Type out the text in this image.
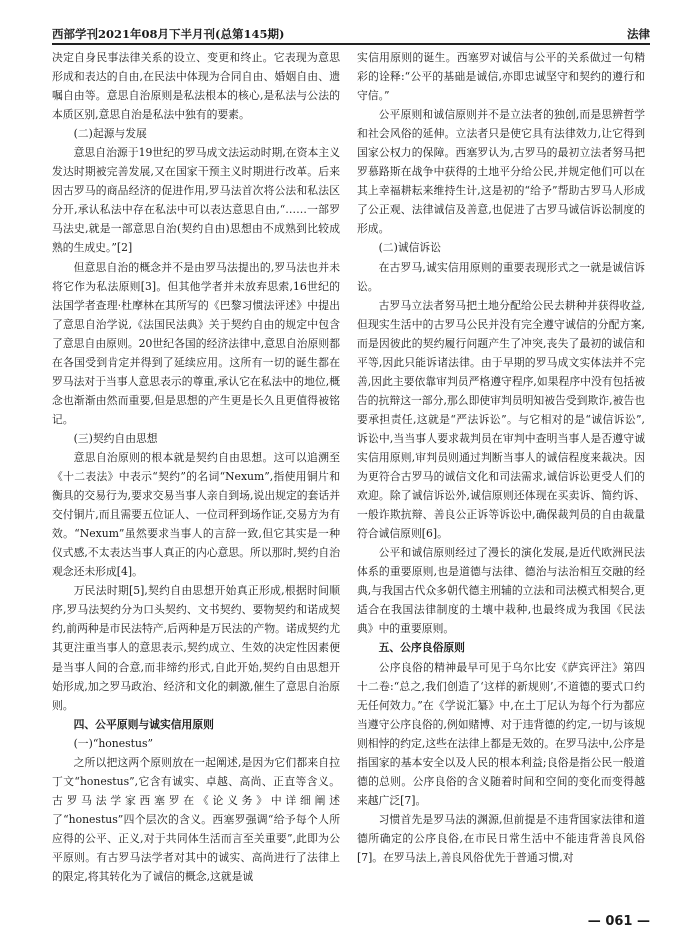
西部学刊2021年08月下半月刊(总第145期)	法律

决定自身民事法律关系的设立、变更和终止。它表现为意思形成和表达的自由,在民法中体现为合同自由、婚姻自由、遗嘱自由等。意思自治原则是私法根本的核心,是私法与公法的本质区别,意思自治是私法中独有的要素。

(二)起源与发展

意思自治源于19世纪的罗马成文法运动时期,在资本主义发达时期被完善发展,又在国家干预主义时期进行改革。后来因古罗马的商品经济的促进作用,罗马法首次将公法和私法区分开,承认私法中存在私法中可以表达意思自由,“……一部罗马法史,就是一部意思自治(契约自由)思想由不成熟到比较成熟的生成史。”[2]

但意思自治的概念并不是由罗马法提出的,罗马法也并未将它作为私法原则[3]。但其他学者并未放弃思索,16世纪的法国学者查理·杜摩林在其所写的《巴黎习惯法评述》中提出了意思自治学说,《法国民法典》关于契约自由的规定中包含了意思自由原则。20世纪各国的经济法律中,意思自治原则都在各国受到肯定并得到了延续应用。这所有一切的诞生都在罗马法对于当事人意思表示的尊重,承认它在私法中的地位,概念也渐渐由然而重要,但是思想的产生更是长久且更值得被铭记。

(三)契约自由思想

意思自治原则的根本就是契约自由思想。这可以追溯至《十二表法》中表示“契约”的名词“Nexum”,指使用铜片和衡具的交易行为,要求交易当事人亲自到场,说出规定的套话并交付铜片,而且需要五位证人、一位司秤到场作证,交易方为有效。“Nexum”虽然要求当事人的言辞一致,但它其实是一种仪式感,不太表达当事人真正的内心意思。所以那时,契约自治观念还未形成[4]。

万民法时期[5],契约自由思想开始真正形成,根据时间顺序,罗马法契约分为口头契约、文书契约、要物契约和诺成契约,前两种是市民法特产,后两种是万民法的产物。诺成契约尤其更注重当事人的意思表示,契约成立、生效的决定性因素便是当事人间的合意,而非缔约形式,自此开始,契约自由思想开始形成,加之罗马政治、经济和文化的刺激,催生了意思自治原则。

四、公平原则与诚实信用原则
(一)“honestus”

之所以把这两个原则放在一起阐述,是因为它们都来自拉丁文“honestus”,它含有诚实、卓越、高尚、正直等含义。古罗马法学家西塞罗在《论义务》中详细阐述了“honestus”四个层次的含义。西塞罗强调“给予每个人所应得的公平、正义,对于共同体生活而言至关重要”,此即为公平原则。有古罗马法学者对其中的诚实、高尚进行了法律上的限定,将其转化为了诚信的概念,这就是诚

实信用原则的诞生。西塞罗对诚信与公平的关系做过一句精彩的诠释:“公平的基础是诚信,亦即忠诚坚守和契约的遵行和守信。”

公平原则和诚信原则并不是立法者的独创,而是思辨哲学和社会风俗的延伸。立法者只是使它具有法律效力,让它得到国家公权力的保障。西塞罗认为,古罗马的最初立法者努马把罗慕路斯在战争中获得的土地平分给公民,并规定他们可以在其上幸福耕耘来维持生计,这是初的“给予”帮助古罗马人形成了公正观、法律诚信及善意,也促进了古罗马诚信诉讼制度的形成。

(二)诚信诉讼

在古罗马,诚实信用原则的重要表现形式之一就是诚信诉讼。

古罗马立法者努马把土地分配给公民去耕种并获得收益,但现实生活中的古罗马公民并没有完全遵守诚信的分配方案,而是因彼此的契约履行问题产生了冲突,丧失了最初的诚信和平等,因此只能诉诸法律。由于早期的罗马成文实体法并不完善,因此主要依靠审判员严格遵守程序,如果程序中没有包括被告的抗辩这一部分,那么即使审判员明知被告受到欺诈,被告也要承担责任,这就是“严法诉讼”。与它相对的是“诚信诉讼”,诉讼中,当当事人要求裁判员在审判中查明当事人是否遵守诚实信用原则,审判员则通过判断当事人的诚信程度来裁决。因为更符合古罗马的诚信文化和司法需求,诚信诉讼更受人们的欢迎。除了诚信诉讼外,诚信原则还体现在买卖诉、简约诉、一般诈欺抗辩、善良公正诉等诉讼中,确保裁判员的自由裁量符合诚信原则[6]。

公平和诚信原则经过了漫长的演化发展,是近代欧洲民法体系的重要原则,也是道德与法律、德治与法治相互交融的经典,与我国古代众多朝代德主刑辅的立法和司法模式相契合,更适合在我国法律制度的土壤中栽种,也最终成为我国《民法典》中的重要原则。

五、公序良俗原则

公序良俗的精神最早可见于乌尔比安《萨宾评注》第四十二卷:“总之,我们创造了‘这样的新规则’,不道德的要式口约无任何效力。”在《学说汇纂》中,在土丁尼认为每个行为都应当遵守公序良俗的,例如赌博、对于违背德的约定,一切与该规则相悖的约定,这些在法律上都是无效的。在罗马法中,公序是指国家的基本安全以及人民的根本利益;良俗是指公民一般道德的总则。公序良俗的含义随着时间和空间的变化而变得越来越广泛[7]。

习惯首先是罗马法的渊源,但前提是不违背国家法律和道德所确定的公序良俗,在市民日常生活中不能违背善良风俗[7]。在罗马法上,善良风俗优先于普通习惯,对

— 061 —
